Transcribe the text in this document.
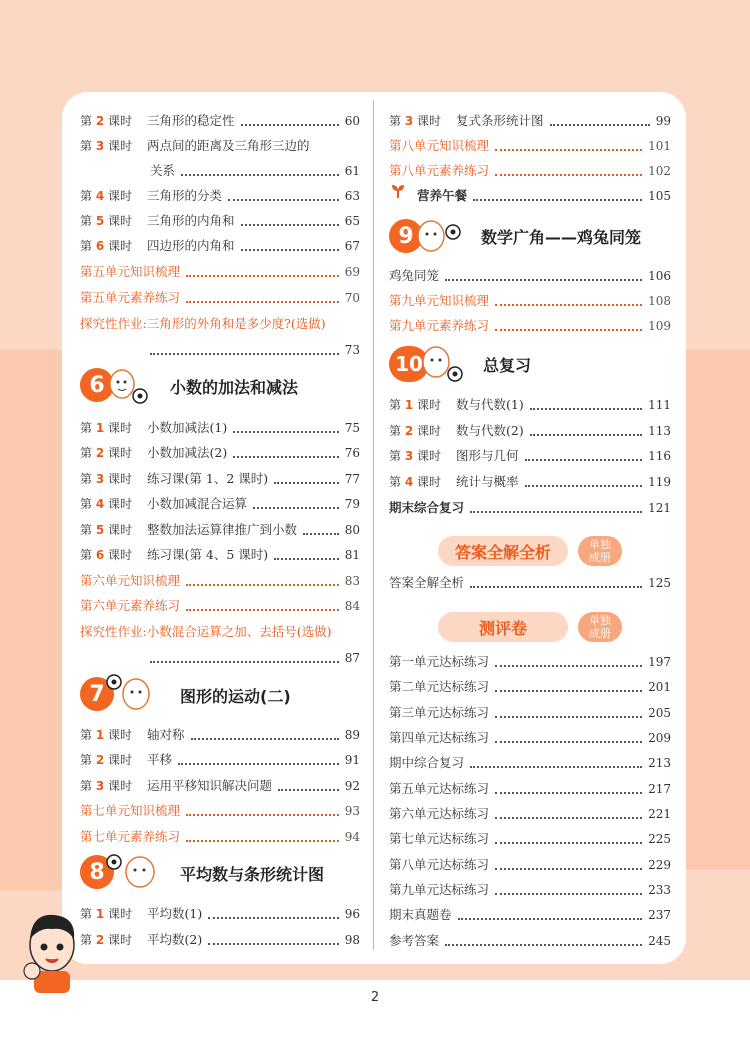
第 2 课时 三角形的稳定性	60
第 3 课时 两点间的距离及三角形三边的
关系	61
第 4 课时 三角形的分类	63
第 5 课时 三角形的内角和	65
第 6 课时 四边形的内角和	67
第五单元知识梳理	69
第五单元素养练习	70
探究性作业:三角形的外角和是多少度?(选做)
73
6	小数的加法和减法
第 1 课时 小数加减法(1)	75
第 2 课时 小数加减法(2)	76
第 3 课时 练习课(第 1、2 课时)	77
第 4 课时 小数加减混合运算	79
第 5 课时 整数加法运算律推广到小数	80
第 6 课时 练习课(第 4、5 课时)	81
第六单元知识梳理	83
第六单元素养练习	84
探究性作业:小数混合运算之加、去括号(选做)
87
7	图形的运动(二)
第 1 课时 轴对称	89
第 2 课时 平移	91
第 3 课时 运用平移知识解决问题	92
第七单元知识梳理	93
第七单元素养练习	94
8	平均数与条形统计图
第 1 课时 平均数(1)	96
第 2 课时 平均数(2)	98
第 3 课时 复式条形统计图	99
第八单元知识梳理	101
第八单元素养练习	102
营养午餐	105
9	数学广角——鸡兔同笼
鸡兔同笼	106
第九单元知识梳理	108
第九单元素养练习	109
10	总复习
第 1 课时 数与代数(1)	111
第 2 课时 数与代数(2)	113
第 3 课时 图形与几何	116
第 4 课时 统计与概率	119
期末综合复习	121
答案全解全析	单独
成册
答案全解全析	125
测评卷	单独
成册
第一单元达标练习	197
第二单元达标练习	201
第三单元达标练习	205
第四单元达标练习	209
期中综合复习	213
第五单元达标练习	217
第六单元达标练习	221
第七单元达标练习	225
第八单元达标练习	229
第九单元达标练习	233
期末真题卷	237
参考答案	245
2
